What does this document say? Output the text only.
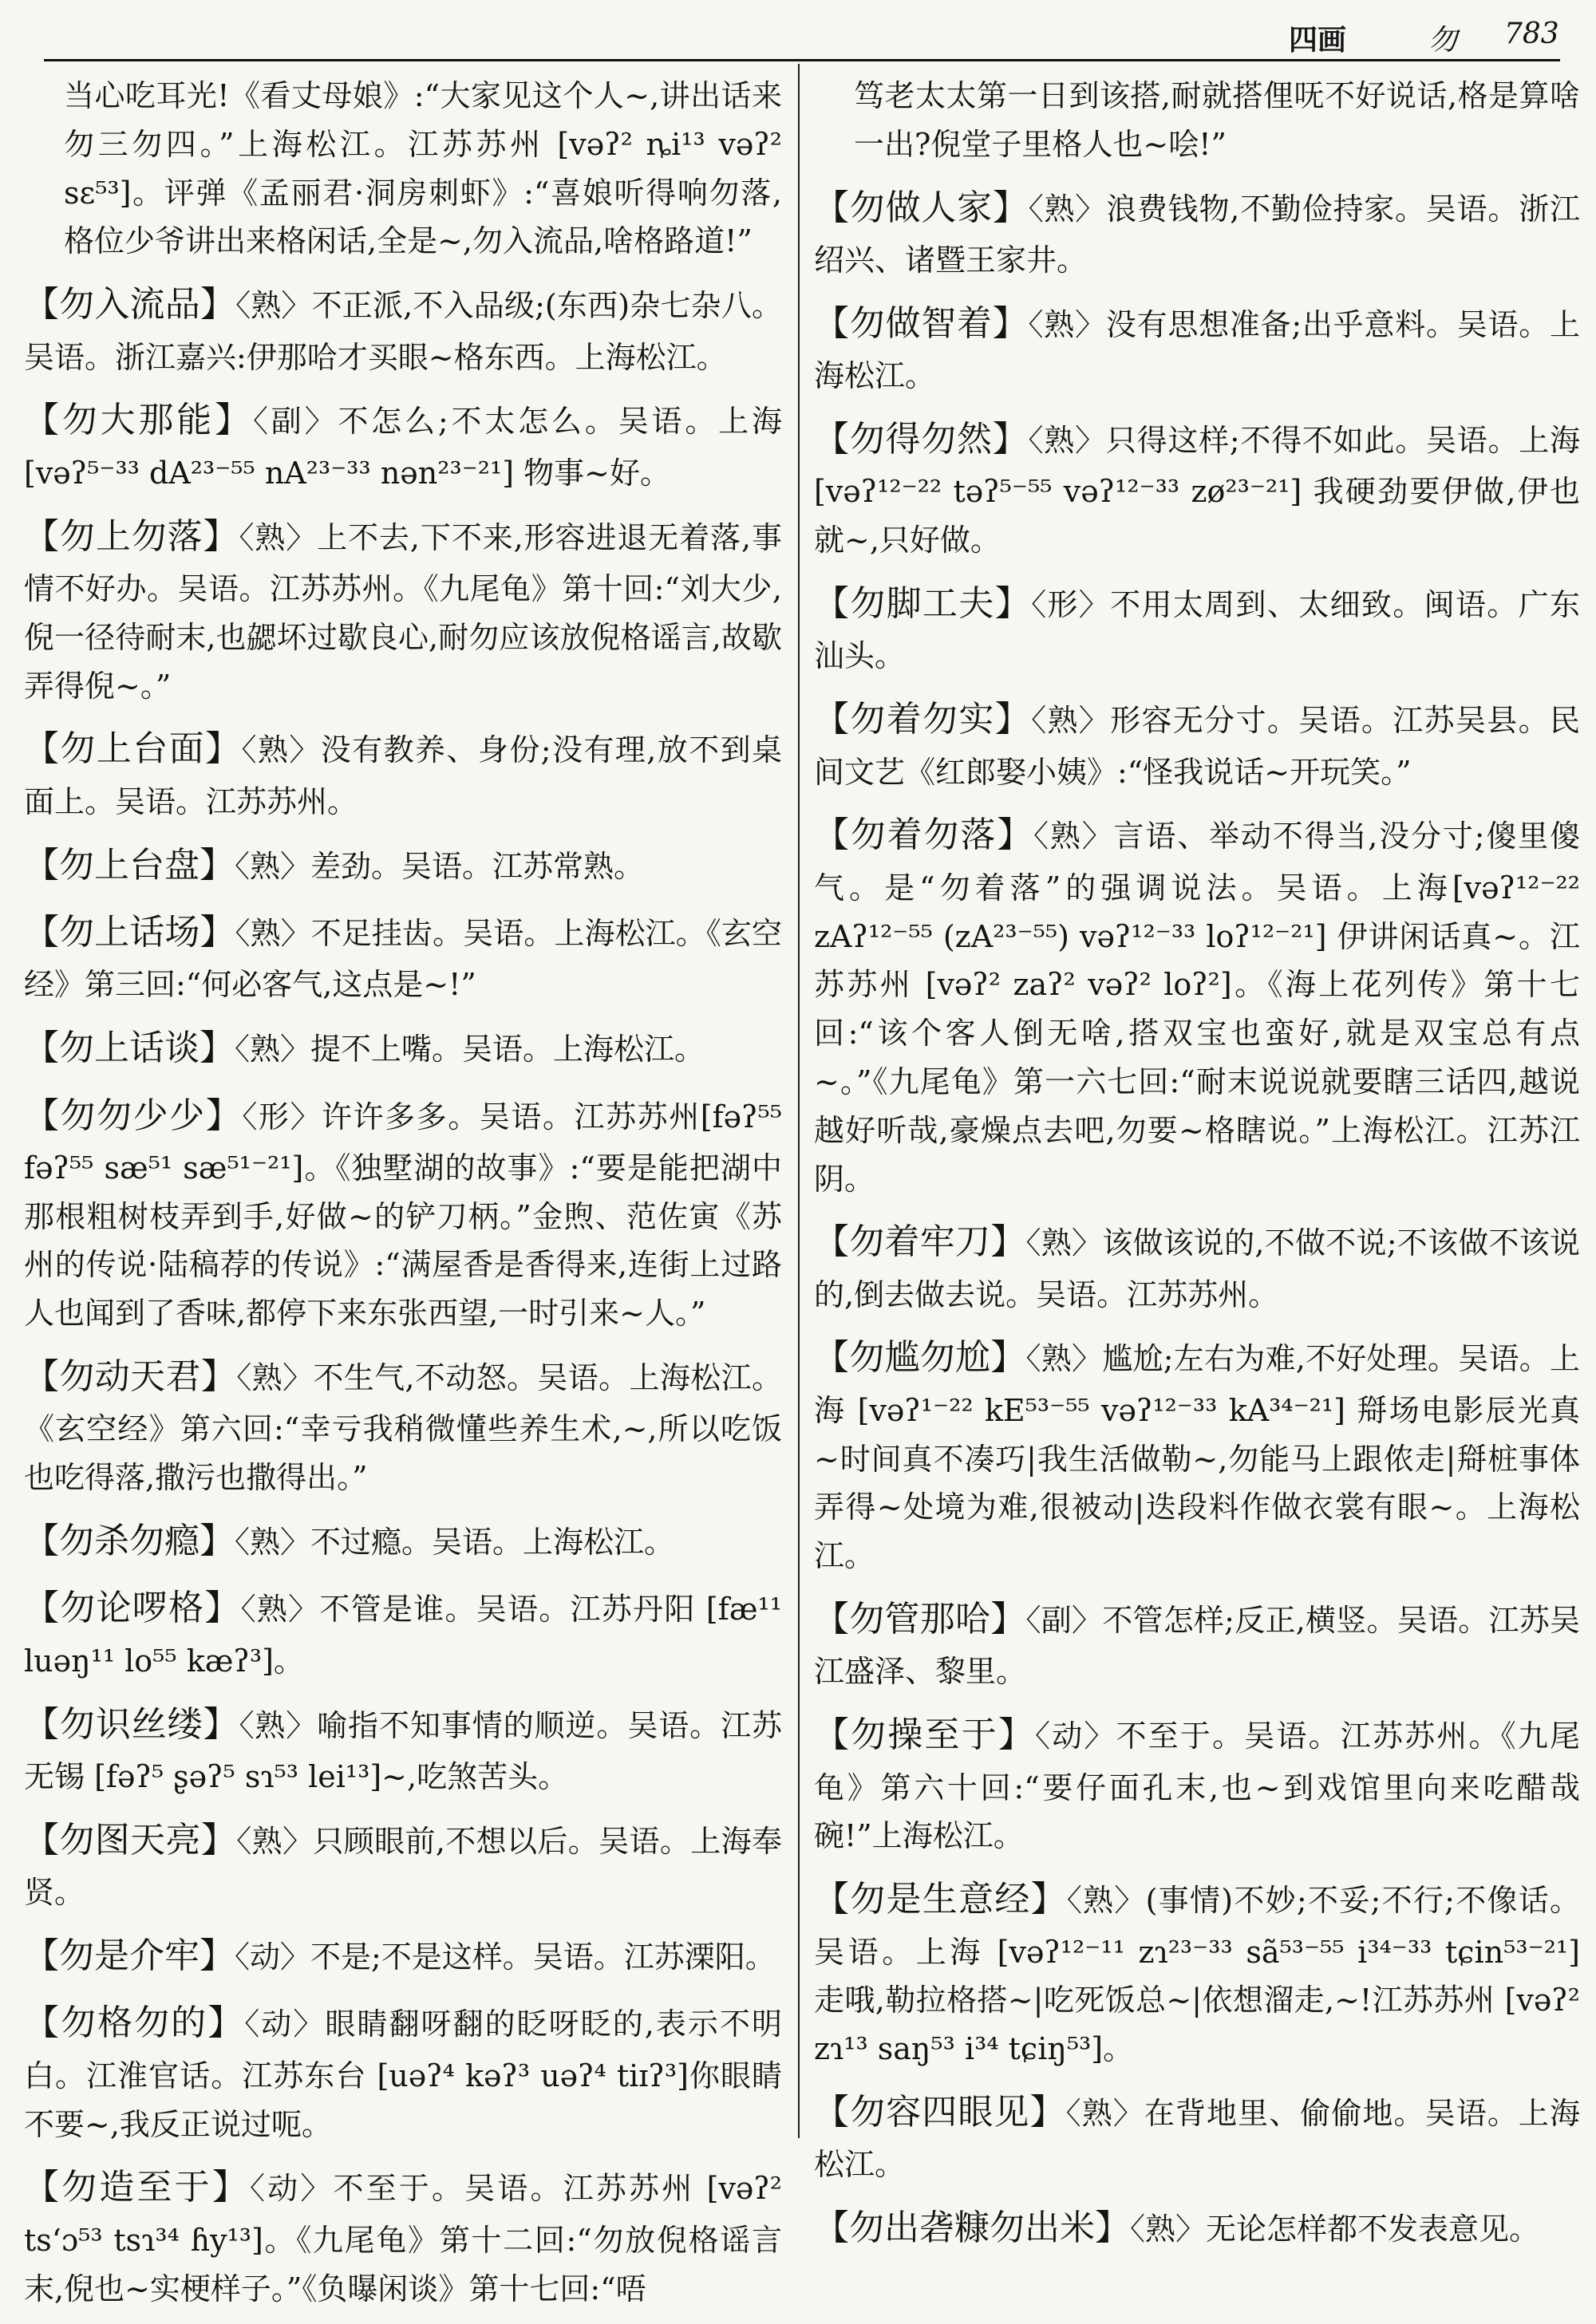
四画	勿 783
当心吃耳光!《看丈母娘》:“大家见这个人~,讲出话来勿三勿四。”上海松江。江苏苏州 [vəʔ² ȵi¹³ vəʔ² sɛ⁵³]。评弹《孟丽君·洞房刺虾》:“喜娘听得响勿落,格位少爷讲出来格闲话,全是~,勿入流品,啥格路道!”
【勿入流品】〈熟〉不正派,不入品级;(东西)杂七杂八。吴语。浙江嘉兴:伊那哈才买眼~格东西。上海松江。
【勿大那能】〈副〉不怎么;不太怎么。吴语。上海 [vəʔ⁵⁻³³ dA²³⁻⁵⁵ nA²³⁻³³ nən²³⁻²¹] 物事~好。
【勿上勿落】〈熟〉上不去,下不来,形容进退无着落,事情不好办。吴语。江苏苏州。《九尾龟》第十回:“刘大少,倪一径待耐末,也勰坏过歇良心,耐勿应该放倪格谣言,故歇弄得倪~。”
【勿上台面】〈熟〉没有教养、身份;没有理,放不到桌面上。吴语。江苏苏州。
【勿上台盘】〈熟〉差劲。吴语。江苏常熟。
【勿上话场】〈熟〉不足挂齿。吴语。上海松江。《玄空经》第三回:“何必客气,这点是~!”
【勿上话谈】〈熟〉提不上嘴。吴语。上海松江。
【勿勿少少】〈形〉许许多多。吴语。江苏苏州[fəʔ⁵⁵ fəʔ⁵⁵ sæ⁵¹ sæ⁵¹⁻²¹]。《独墅湖的故事》:“要是能把湖中那根粗树枝弄到手,好做~的铲刀柄。”金煦、范佐寅《苏州的传说·陆稿荐的传说》:“满屋香是香得来,连街上过路人也闻到了香味,都停下来东张西望,一时引来~人。”
【勿动天君】〈熟〉不生气,不动怒。吴语。上海松江。《玄空经》第六回:“幸亏我稍微懂些养生术,~,所以吃饭也吃得落,撒污也撒得出。”
【勿杀勿瘾】〈熟〉不过瘾。吴语。上海松江。
【勿论啰格】〈熟〉不管是谁。吴语。江苏丹阳 [fæ¹¹ luəŋ¹¹ lo⁵⁵ kæʔ³]。
【勿识丝缕】〈熟〉喻指不知事情的顺逆。吴语。江苏无锡 [fəʔ⁵ ʂəʔ⁵ sɿ⁵³ lei¹³]~,吃煞苦头。
【勿图天亮】〈熟〉只顾眼前,不想以后。吴语。上海奉贤。
【勿是介牢】〈动〉不是;不是这样。吴语。江苏溧阳。
【勿格勿的】〈动〉眼睛翻呀翻的眨呀眨的,表示不明白。江淮官话。江苏东台 [uəʔ⁴ kəʔ³ uəʔ⁴ tiɪʔ³]你眼睛不要~,我反正说过呃。
【勿造至于】〈动〉不至于。吴语。江苏苏州 [vəʔ² tsʻɔ⁵³ tsɿ³⁴ ɦy¹³]。《九尾龟》第十二回:“勿放倪格谣言末,倪也~实梗样子。”《负曝闲谈》第十七回:“唔
笃老太太第一日到该搭,耐就搭俚呒不好说话,格是算啥一出?倪堂子里格人也~哙!”
【勿做人家】〈熟〉浪费钱物,不勤俭持家。吴语。浙江绍兴、诸暨王家井。
【勿做智着】〈熟〉没有思想准备;出乎意料。吴语。上海松江。
【勿得勿然】〈熟〉只得这样;不得不如此。吴语。上海 [vəʔ¹²⁻²² təʔ⁵⁻⁵⁵ vəʔ¹²⁻³³ zø²³⁻²¹] 我硬劲要伊做,伊也就~,只好做。
【勿脚工夫】〈形〉不用太周到、太细致。闽语。广东汕头。
【勿着勿实】〈熟〉形容无分寸。吴语。江苏吴县。民间文艺《红郎娶小姨》:“怪我说话~开玩笑。”
【勿着勿落】〈熟〉言语、举动不得当,没分寸;傻里傻气。是“勿着落”的强调说法。吴语。上海[vəʔ¹²⁻²² zAʔ¹²⁻⁵⁵ (zA²³⁻⁵⁵) vəʔ¹²⁻³³ loʔ¹²⁻²¹] 伊讲闲话真~。江苏苏州 [vəʔ² zaʔ² vəʔ² loʔ²]。《海上花列传》第十七回:“该个客人倒无啥,搭双宝也蛮好,就是双宝总有点~。”《九尾龟》第一六七回:“耐末说说就要瞎三话四,越说越好听哉,豪燥点去吧,勿要~格瞎说。”上海松江。江苏江阴。
【勿着牢刀】〈熟〉该做该说的,不做不说;不该做不该说的,倒去做去说。吴语。江苏苏州。
【勿尴勿尬】〈熟〉尴尬;左右为难,不好处理。吴语。上海 [vəʔ¹⁻²² kE⁵³⁻⁵⁵ vəʔ¹²⁻³³ kA³⁴⁻²¹] 搿场电影辰光真~时间真不凑巧|我生活做勒~,勿能马上跟侬走|搿桩事体弄得~处境为难,很被动|迭段料作做衣裳有眼~。上海松江。
【勿管那哈】〈副〉不管怎样;反正,横竖。吴语。江苏吴江盛泽、黎里。
【勿操至于】〈动〉不至于。吴语。江苏苏州。《九尾龟》第六十回:“要仔面孔末,也~到戏馆里向来吃醋哉碗!”上海松江。
【勿是生意经】〈熟〉(事情)不妙;不妥;不行;不像话。吴语。上海 [vəʔ¹²⁻¹¹ zɿ²³⁻³³ sã⁵³⁻⁵⁵ i³⁴⁻³³ tɕin⁵³⁻²¹] 走哦,勒拉格搭~|吃死饭总~|依想溜走,~!江苏苏州 [vəʔ² zɿ¹³ saŋ⁵³ i³⁴ tɕiŋ⁵³]。
【勿容四眼见】〈熟〉在背地里、偷偷地。吴语。上海松江。
【勿出砻糠勿出米】〈熟〉无论怎样都不发表意见。
